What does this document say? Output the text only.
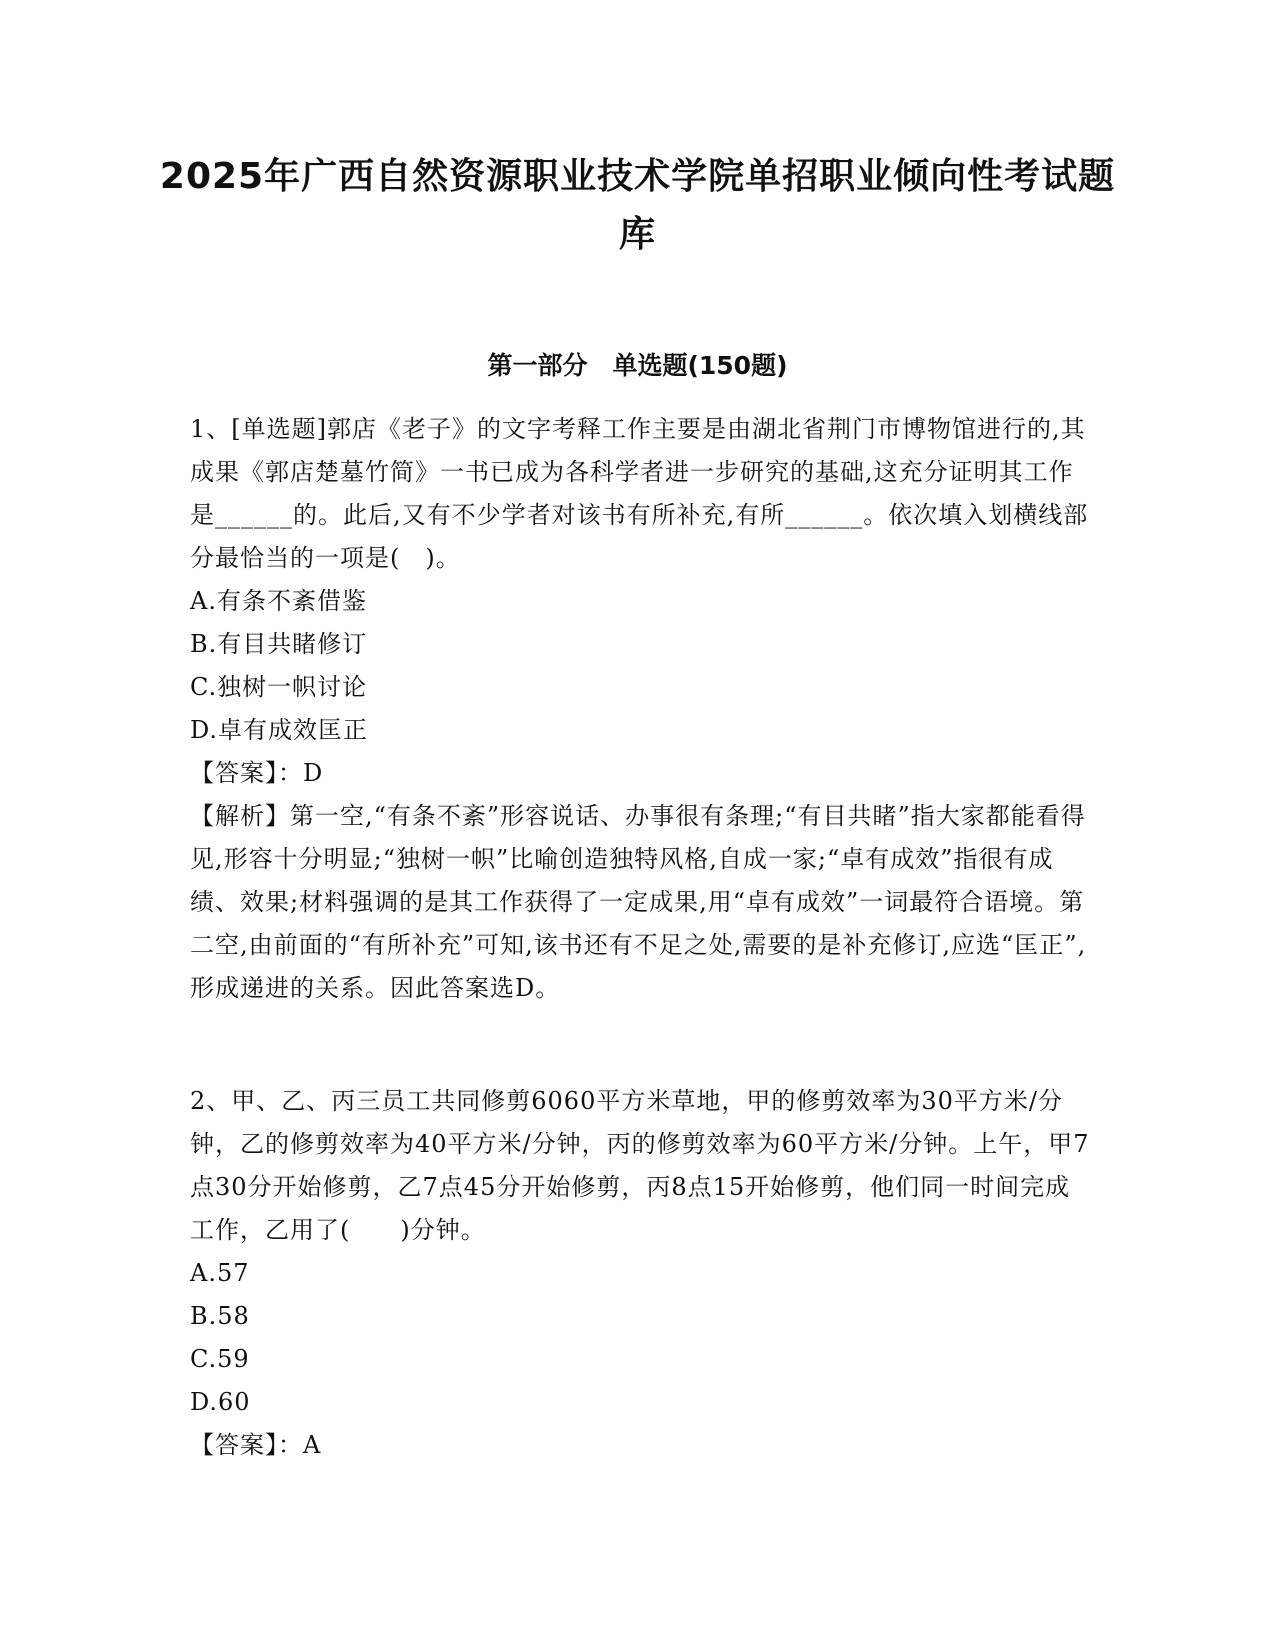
2025年广西自然资源职业技术学院单招职业倾向性考试题库
第一部分　单选题(150题)

1、[单选题]郭店《老子》的文字考释工作主要是由湖北省荆门市博物馆进行的,其成果《郭店楚墓竹简》一书已成为各科学者进一步研究的基础,这充分证明其工作是______的。此后,又有不少学者对该书有所补充,有所______。依次填入划横线部分最恰当的一项是(　)。

A.有条不紊借鉴

B.有目共睹修订

C.独树一帜讨论

D.卓有成效匡正

【答案】：D

【解析】第一空,“有条不紊”形容说话、办事很有条理;“有目共睹”指大家都能看得见,形容十分明显;“独树一帜”比喻创造独特风格,自成一家;“卓有成效”指很有成绩、效果;材料强调的是其工作获得了一定成果,用“卓有成效”一词最符合语境。第二空,由前面的“有所补充”可知,该书还有不足之处,需要的是补充修订,应选“匡正”,形成递进的关系。因此答案选D。

2、甲、乙、丙三员工共同修剪6060平方米草地，甲的修剪效率为30平方米/分钟，乙的修剪效率为40平方米/分钟，丙的修剪效率为60平方米/分钟。上午，甲7点30分开始修剪，乙7点45分开始修剪，丙8点15开始修剪，他们同一时间完成工作，乙用了(　　)分钟。

A.57

B.58

C.59

D.60

【答案】：A
